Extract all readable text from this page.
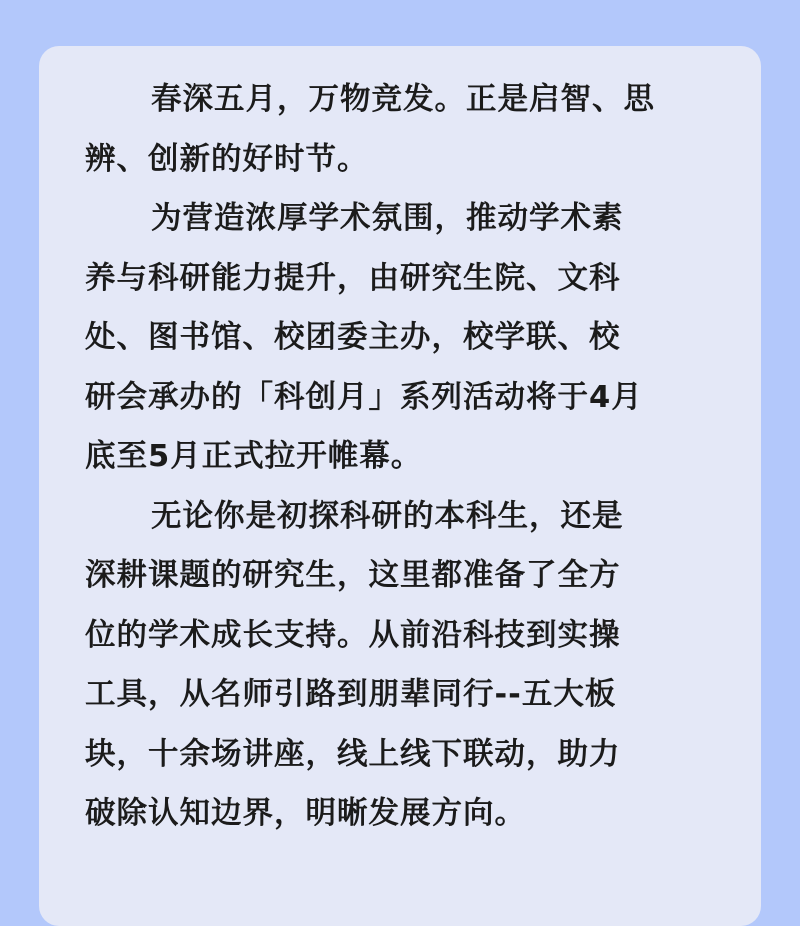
春深五月，万物竞发。正是启智、思
辨、创新的好时节。
为营造浓厚学术氛围，推动学术素
养与科研能力提升，由研究生院、文科
处、图书馆、校团委主办，校学联、校
研会承办的「科创月」系列活动将于4月
底至5月正式拉开帷幕。
无论你是初探科研的本科生，还是
深耕课题的研究生，这里都准备了全方
位的学术成长支持。从前沿科技到实操
工具，从名师引路到朋辈同行--五大板
块，十余场讲座，线上线下联动，助力
破除认知边界，明晰发展方向。
